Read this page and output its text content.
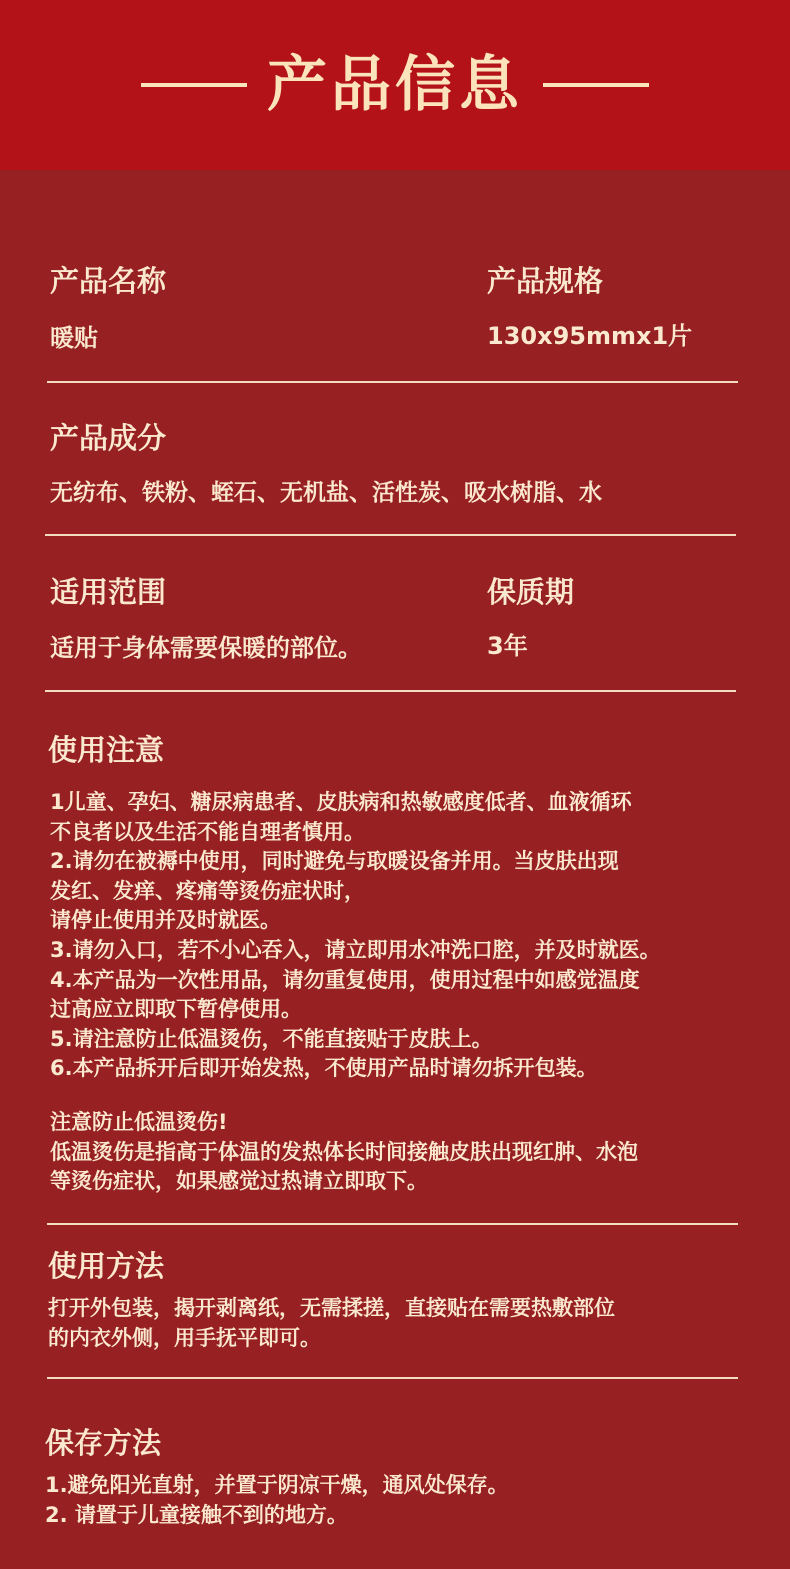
产品信息
产品名称
暖贴
产品规格
130x95mmx1片
产品成分
无纺布、铁粉、蛭石、无机盐、活性炭、吸水树脂、水
适用范围
适用于身体需要保暖的部位。
保质期
3年
使用注意
1儿童、孕妇、糖尿病患者、皮肤病和热敏感度低者、血液循环
不良者以及生活不能自理者慎用。
2.请勿在被褥中使用，同时避免与取暖设备并用。当皮肤出现
发红、发痒、疼痛等烫伤症状时，
请停止使用并及时就医。
3.请勿入口，若不小心吞入，请立即用水冲洗口腔，并及时就医。
4.本产品为一次性用品，请勿重复使用，使用过程中如感觉温度
过高应立即取下暂停使用。
5.请注意防止低温烫伤，不能直接贴于皮肤上。
6.本产品拆开后即开始发热，不使用产品时请勿拆开包装。
注意防止低温烫伤!
低温烫伤是指高于体温的发热体长时间接触皮肤出现红肿、水泡
等烫伤症状，如果感觉过热请立即取下。
使用方法
打开外包装，揭开剥离纸，无需揉搓，直接贴在需要热敷部位
的内衣外侧，用手抚平即可。
保存方法
1.避免阳光直射，并置于阴凉干燥，通风处保存。
2. 请置于儿童接触不到的地方。
